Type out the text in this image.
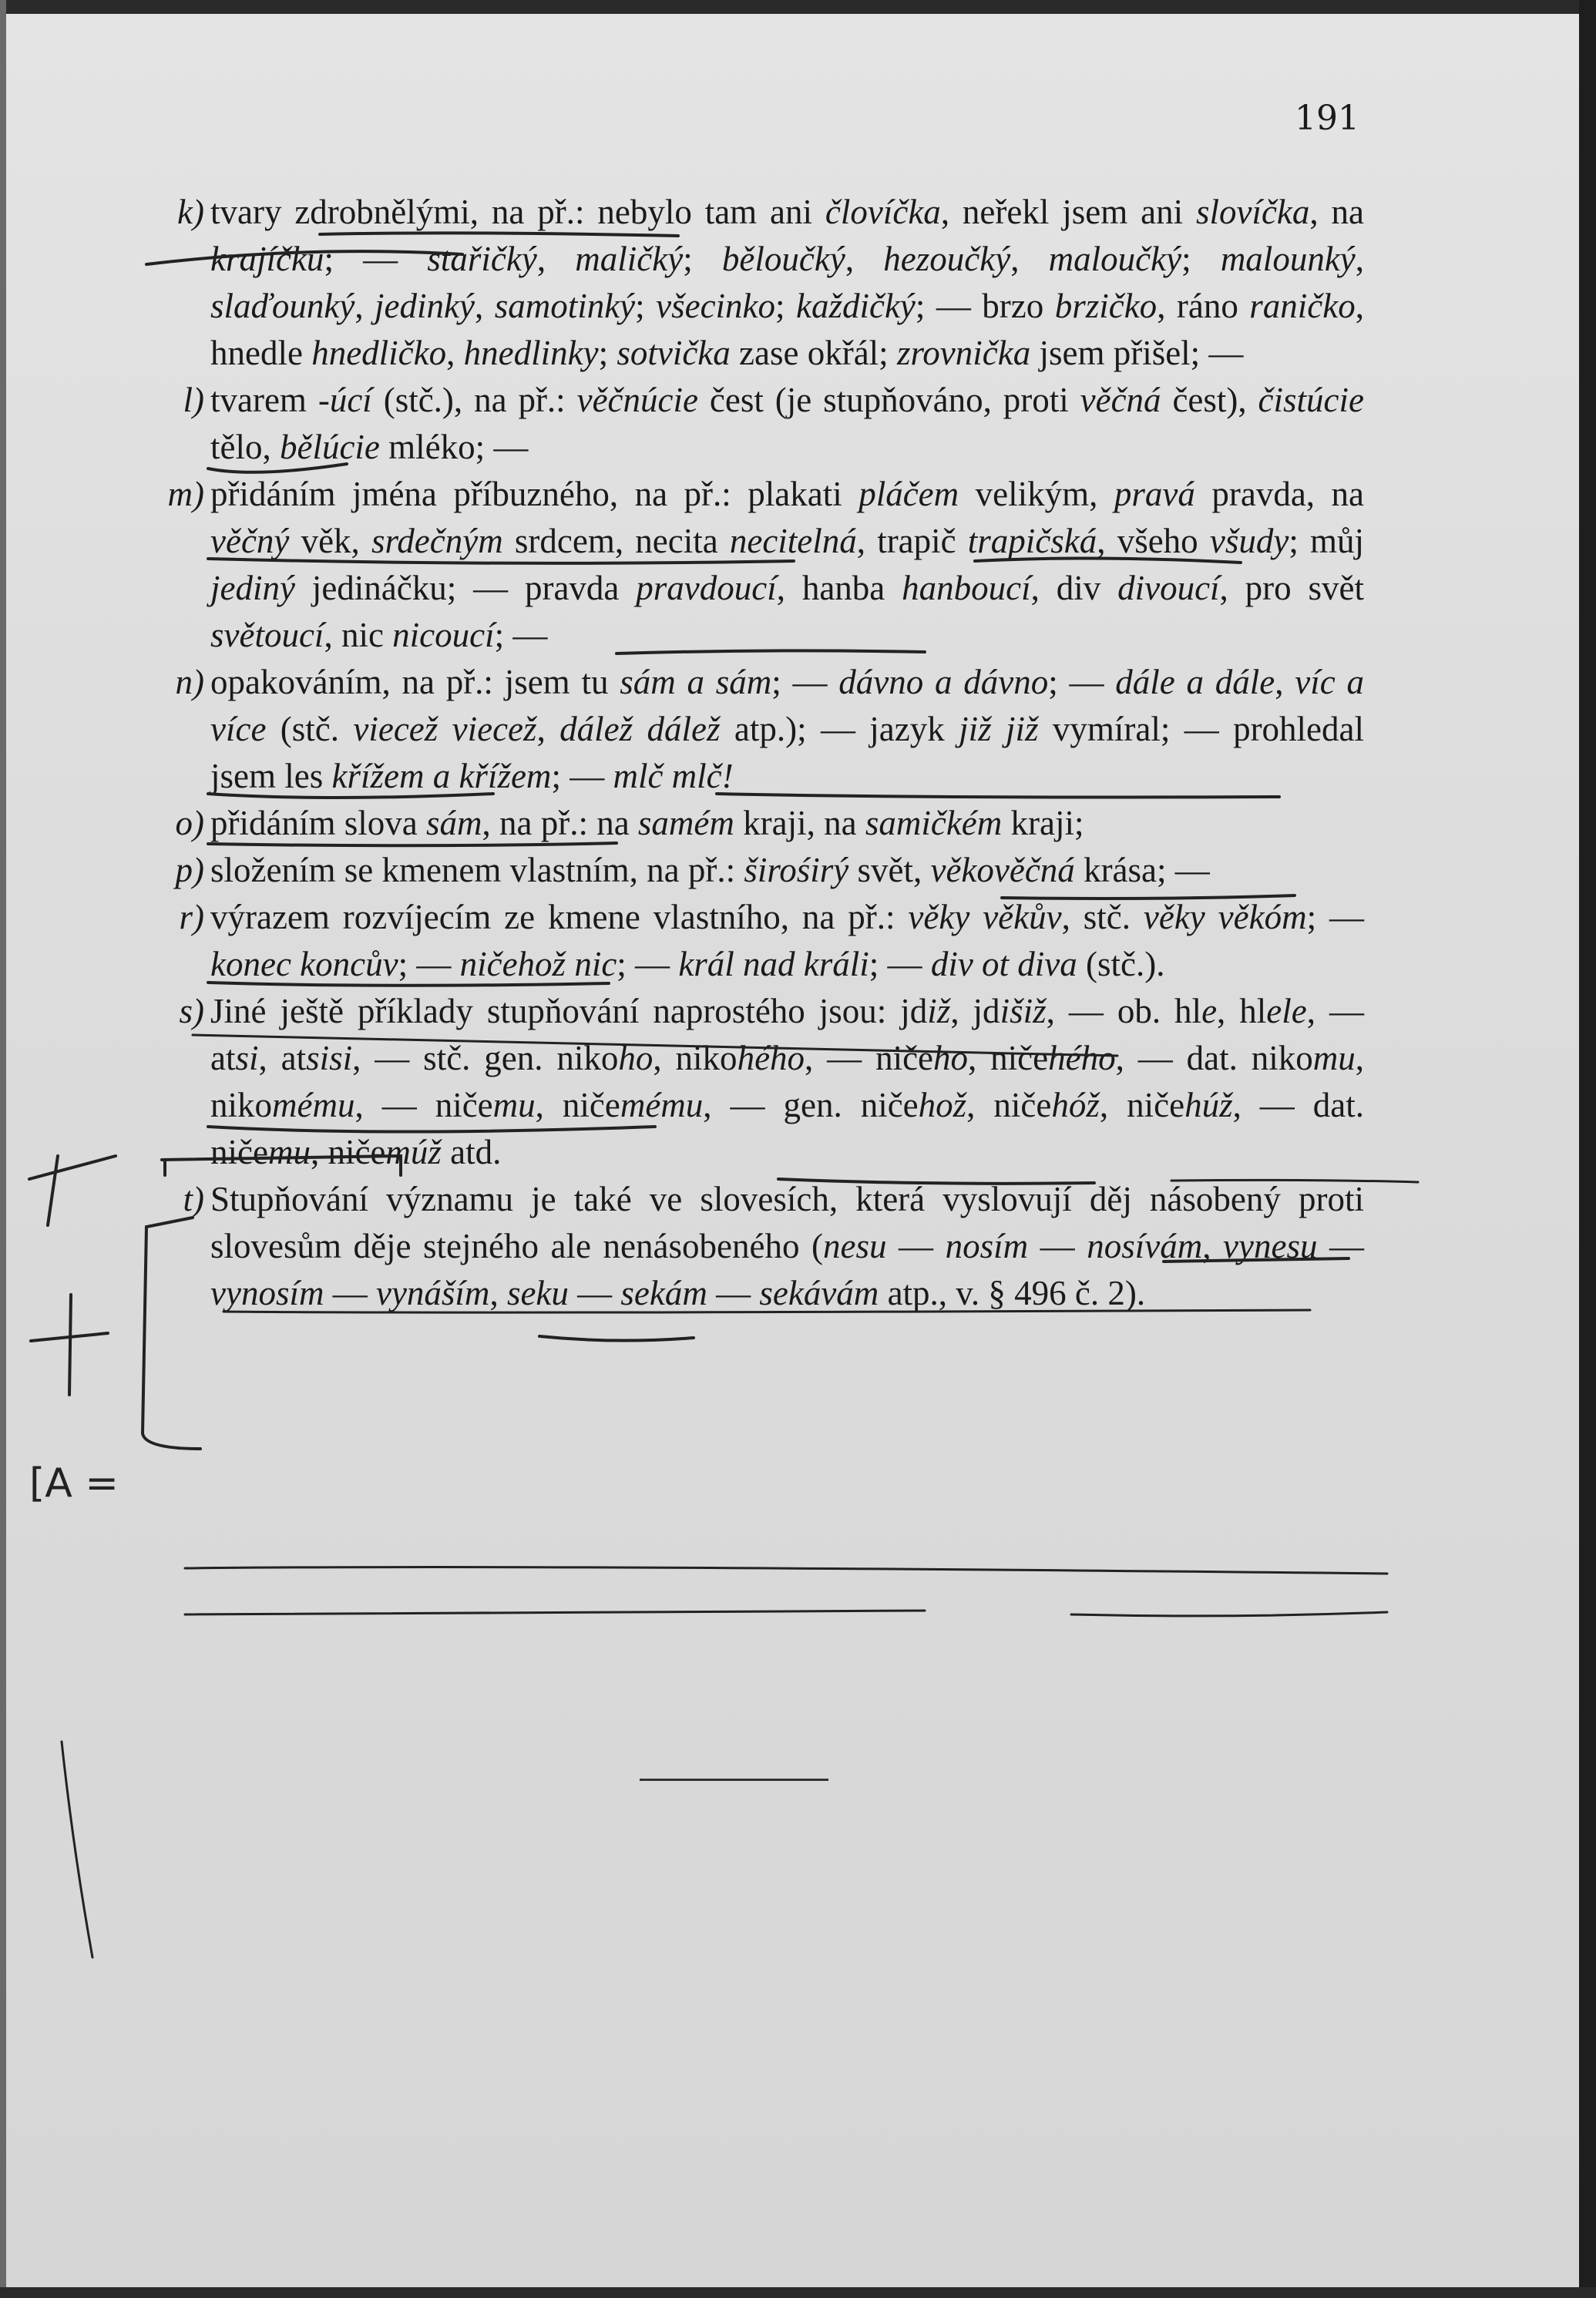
191
k) tvary zdrobnělými, na př.: nebylo tam ani človíčka, neřekl jsem ani slovíčka, na krajíčku; — stařičký, maličký; běloučký, hezoučký, maloučký; malounký, slaďounký, jedinký, samotinký; všecinko; každičký; — brzo brzičko, ráno raničko, hnedle hnedličko, hnedlinky; sotvička zase okřál; zrovnička jsem přišel; —
l) tvarem -úcí (stč.), na př.: věčnúcie čest (je stupňováno, proti věčná čest), čistúcie tělo, bělúcie mléko; —
m) přidáním jména příbuzného, na př.: plakati pláčem velikým, pravá pravda, na věčný věk, srdečným srdcem, necita necitelná, trapič trapičská, všeho všudy; můj jediný jedináčku; — pravda pravdoucí, hanba hanboucí, div divoucí, pro svět světoucí, nic nicoucí; —
n) opakováním, na př.: jsem tu sám a sám; — dávno a dávno; — dále a dále, víc a více (stč. viecež viecež, dálež dálež atp.); — jazyk již již vymíral; — prohledal jsem les křížem a křížem; — mlč mlč!
o) přidáním slova sám, na př.: na samém kraji, na samičkém kraji;
p) složením se kmenem vlastním, na př.: širośirý svět, věkověčná krása; —
r) výrazem rozvíjecím ze kmene vlastního, na př.: věky věkův, stč. věky věkóm; — konec koncův; — ničehož nic; — král nad králi; — div ot diva (stč.).
s) Jiné ještě příklady stupňování naprostého jsou: jdiž, jdišiž, — ob. hle, hlele, — atsi, atsisi, — stč. gen. nikoho, nikohého, — ničeho, ničehého, — dat. nikomu, nikomému, — ničemu, ničemému, — gen. ničehož, ničehóž, ničehúž, — dat. ničemu, ničemúž atd.
t) Stupňování významu je také ve slovesích, která vyslovují děj násobený proti slovesům děje stejného ale nenásobeného (nesu — nosím — nosívám, vynesu — vynosím — vynáším, seku — sekám — sekávám atp., v. § 496 č. 2).
[A =
